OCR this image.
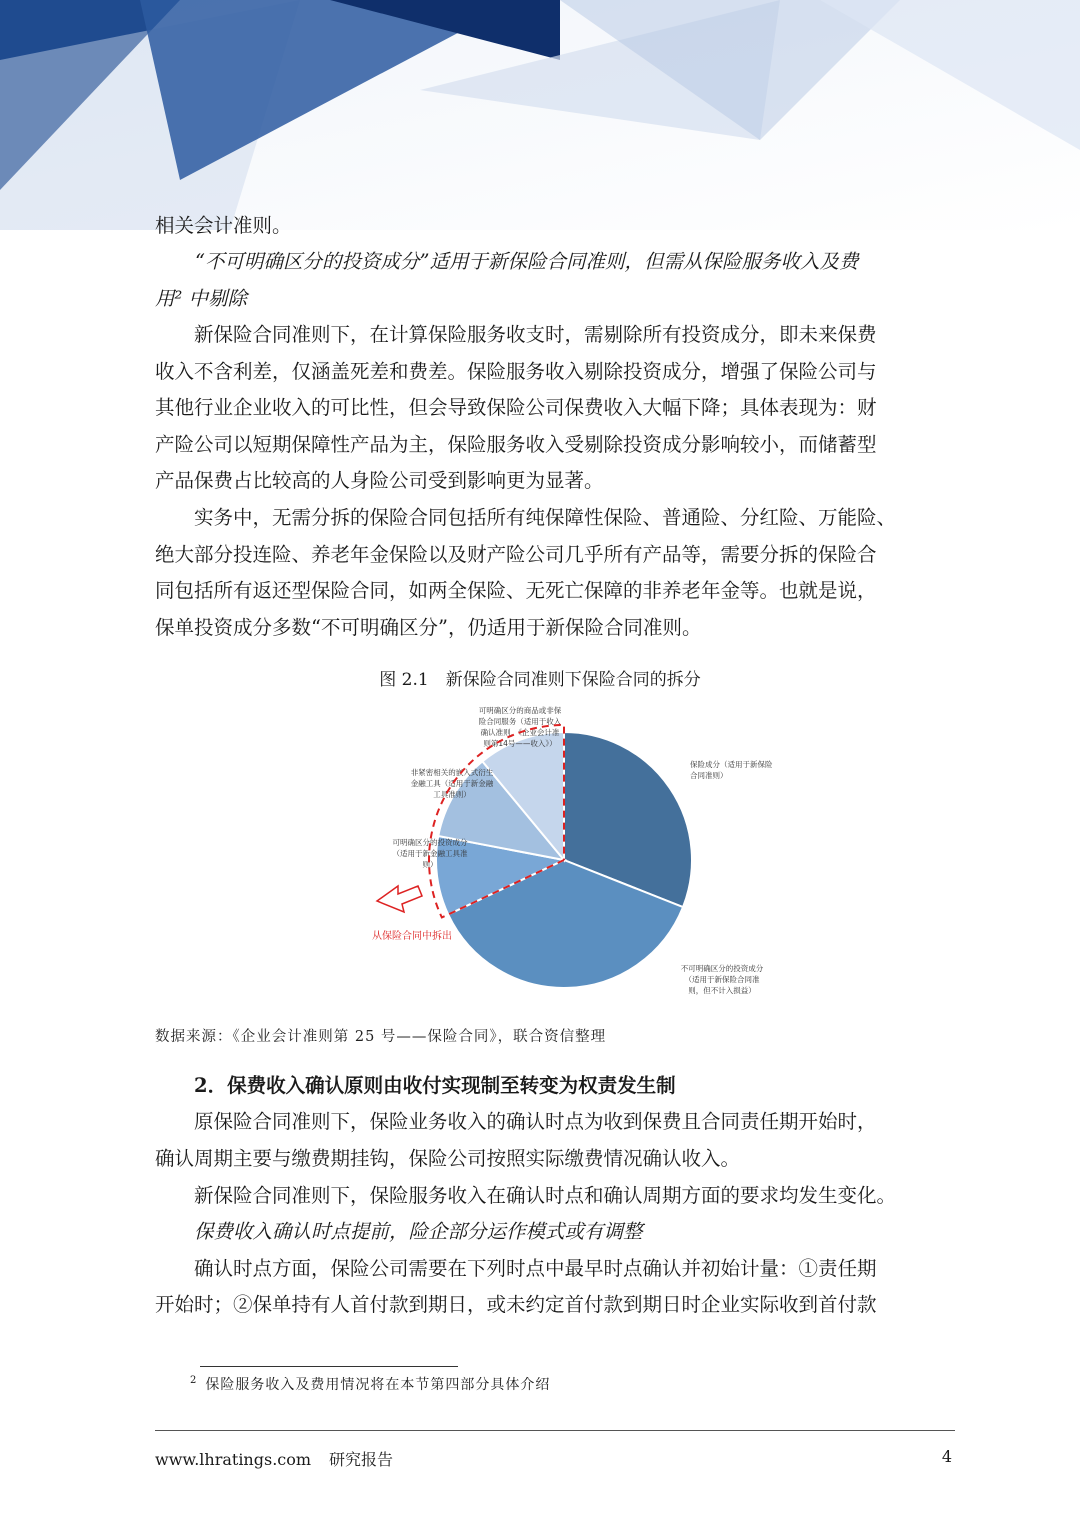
相关会计准则。
“不可明确区分的投资成分”适用于新保险合同准则，但需从保险服务收入及费
用² 中剔除
　　新保险合同准则下，在计算保险服务收支时，需剔除所有投资成分，即未来保费
收入不含利差，仅涵盖死差和费差。保险服务收入剔除投资成分，增强了保险公司与
其他行业企业收入的可比性，但会导致保险公司保费收入大幅下降；具体表现为：财
产险公司以短期保障性产品为主，保险服务收入受剔除投资成分影响较小，而储蓄型
产品保费占比较高的人身险公司受到影响更为显著。
　　实务中，无需分拆的保险合同包括所有纯保障性保险、普通险、分红险、万能险、
绝大部分投连险、养老年金保险以及财产险公司几乎所有产品等，需要分拆的保险合
同包括所有返还型保险合同，如两全保险、无死亡保障的非养老年金等。也就是说，
保单投资成分多数“不可明确区分”，仍适用于新保险合同准则。
图 2.1　新保险合同准则下保险合同的拆分
保险成分（适用于新保险合同准则）
不可明确区分的投资成分（适用于新保险合同准则，但不计入损益）
可明确区分的投资成分（适用于新金融工具准则）
非紧密相关的嵌入式衍生金融工具（适用于新金融工具准则）
可明确区分的商品或非保险合同服务（适用于收入确认准则，《企业会计准则第14号——收入》）
从保险合同中拆出
数据来源：《企业会计准则第 25 号——保险合同》，联合资信整理
　　2．保费收入确认原则由收付实现制至转变为权责发生制
　　原保险合同准则下，保险业务收入的确认时点为收到保费且合同责任期开始时，
确认周期主要与缴费期挂钩，保险公司按照实际缴费情况确认收入。
　　新保险合同准则下，保险服务收入在确认时点和确认周期方面的要求均发生变化。
　　保费收入确认时点提前，险企部分运作模式或有调整
　　确认时点方面，保险公司需要在下列时点中最早时点确认并初始计量：①责任期
开始时；②保单持有人首付款到期日，或未约定首付款到期日时企业实际收到首付款
$^2$ 保险服务收入及费用情况将在本节第四部分具体介绍
www.lhratings.com 研究报告	4
